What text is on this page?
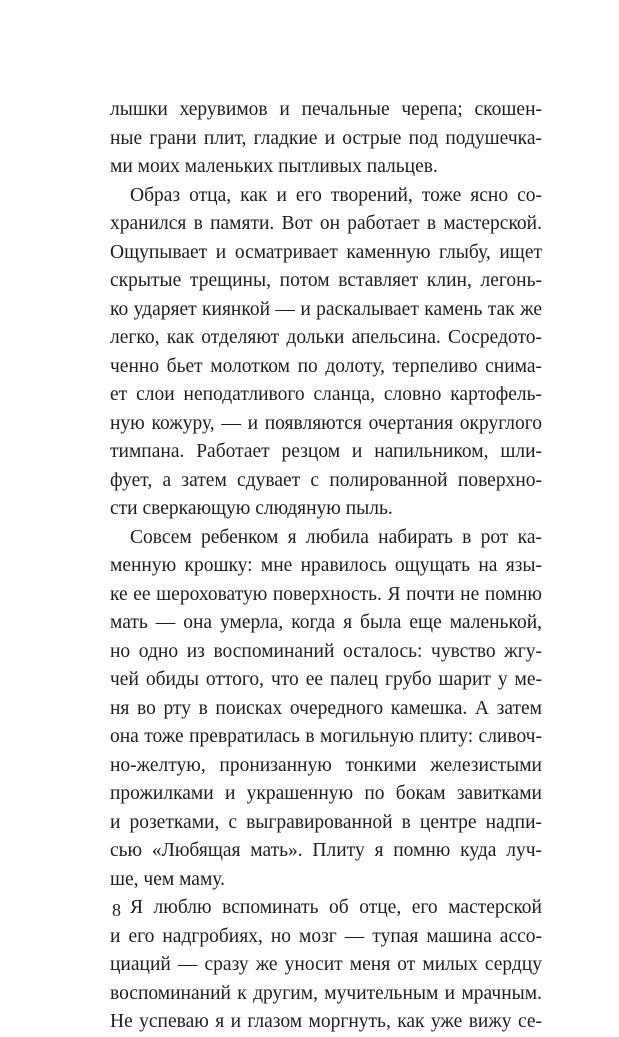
лышки херувимов и печальные черепа; скошен-
ные грани плит, гладкие и острые под подушечка-
ми моих маленьких пытливых пальцев.
Образ отца, как и его творений, тоже ясно со-
хранился в памяти. Вот он работает в мастерской.
Ощупывает и осматривает каменную глыбу, ищет
скрытые трещины, потом вставляет клин, легонь-
ко ударяет киянкой — и раскалывает камень так же
легко, как отделяют дольки апельсина. Сосредото-
ченно бьет молотком по долоту, терпеливо снима-
ет слои неподатливого сланца, словно картофель-
ную кожуру, — и появляются очертания округлого
тимпана. Работает резцом и напильником, шли-
фует, а затем сдувает с полированной поверхно-
сти сверкающую слюдяную пыль.
Совсем ребенком я любила набирать в рот ка-
менную крошку: мне нравилось ощущать на язы-
ке ее шероховатую поверхность. Я почти не помню
мать — она умерла, когда я была еще маленькой,
но одно из воспоминаний осталось: чувство жгу-
чей обиды оттого, что ее палец грубо шарит у ме-
ня во рту в поисках очередного камешка. А затем
она тоже превратилась в могильную плиту: сливоч-
но-желтую, пронизанную тонкими железистыми
прожилками и украшенную по бокам завитками
и розетками, с выгравированной в центре надпи-
сью «Любящая мать». Плиту я помню куда луч-
ше, чем маму.
Я люблю вспоминать об отце, его мастерской
и его надгробиях, но мозг — тупая машина ассо-
циаций — сразу же уносит меня от милых сердцу
воспоминаний к другим, мучительным и мрачным.
Не успеваю я и глазом моргнуть, как уже вижу се-
8
